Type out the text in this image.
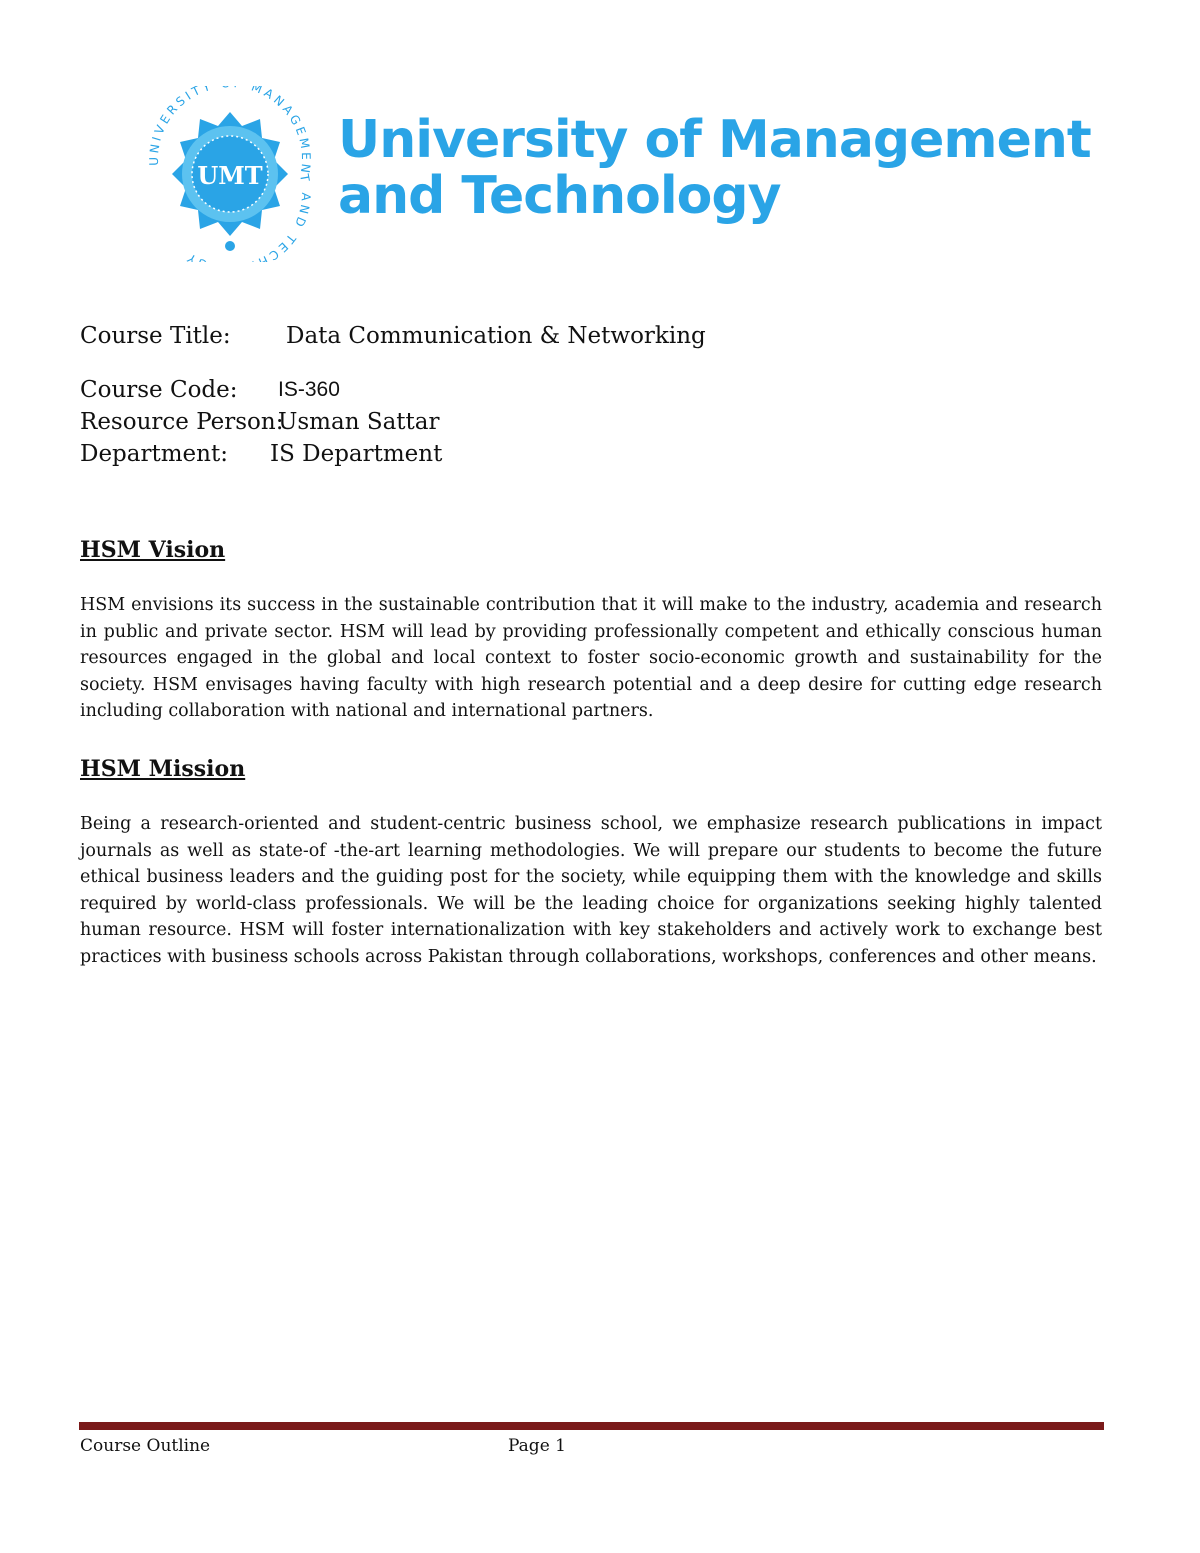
UNIVERSITY MANAGEMENT AND TECH Y
UMT
University of Management
and Technology
Course Title: Data Communication & Networking
Course Code: IS-360
Resource Person:
Usman Sattar
Department: IS Department
HSM Vision
HSM envisions its success in the sustainable contribution that it will make to the industry, academia and research in public and private sector. HSM will lead by providing professionally competent and ethically conscious human resources engaged in the global and local context to foster socio-economic growth and sustainability for the society. HSM envisages having faculty with high research potential and a deep desire for cutting edge research including collaboration with national and international partners.
HSM Mission
Being a research-oriented and student-centric business school, we emphasize research publications in impact journals as well as state-of -the-art learning methodologies. We will prepare our students to become the future ethical business leaders and the guiding post for the society, while equipping them with the knowledge and skills required by world-class professionals. We will be the leading choice for organizations seeking highly talented human resource. HSM will foster internationalization with key stakeholders and actively work to exchange best practices with business schools across Pakistan through collaborations, workshops, conferences and other means.
Course Outline	Page 1
